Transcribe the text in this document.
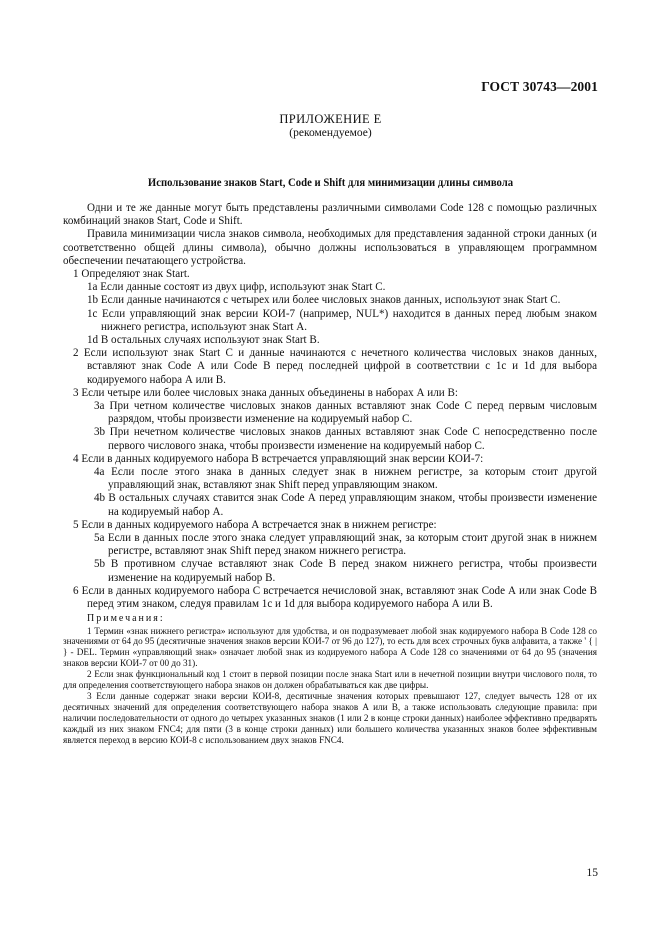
ГОСТ 30743—2001
ПРИЛОЖЕНИЕ Е
(рекомендуемое)
Использование знаков Start, Code и Shift для минимизации длины символа

Одни и те же данные могут быть представлены различными символами Code 128 с помощью различных комбинаций знаков Start, Code и Shift.

Правила минимизации числа знаков символа, необходимых для представления заданной строки данных (и соответственно общей длины символа), обычно должны использоваться в управляющем программном обеспечении печатающего устройства.

1 Определяют знак Start.

1а Если данные состоят из двух цифр, используют знак Start С.

1b Если данные начинаются с четырех или более числовых знаков данных, используют знак Start С.

1с Если управляющий знак версии КОИ-7 (например, NUL*) находится в данных перед любым знаком нижнего регистра, используют знак Start А.

1d В остальных случаях используют знак Start В.

2 Если используют знак Start С и данные начинаются с нечетного количества числовых знаков данных, вставляют знак Code А или Code В перед последней цифрой в соответствии с 1с и 1d для выбора кодируемого набора А или В.

3 Если четыре или более числовых знака данных объединены в наборах А или В:

3а При четном количестве числовых знаков данных вставляют знак Code С перед первым числовым разрядом, чтобы произвести изменение на кодируемый набор С.

3b При нечетном количестве числовых знаков данных вставляют знак Code С непосредственно после первого числового знака, чтобы произвести изменение на кодируемый набор С.

4 Если в данных кодируемого набора В встречается управляющий знак версии КОИ-7:

4а Если после этого знака в данных следует знак в нижнем регистре, за которым стоит другой управляющий знак, вставляют знак Shift перед управляющим знаком.

4b В остальных случаях ставится знак Code А перед управляющим знаком, чтобы произвести изменение на кодируемый набор А.

5 Если в данных кодируемого набора А встречается знак в нижнем регистре:

5а Если в данных после этого знака следует управляющий знак, за которым стоит другой знак в нижнем регистре, вставляют знак Shift перед знаком нижнего регистра.

5b В противном случае вставляют знак Code В перед знаком нижнего регистра, чтобы произвести изменение на кодируемый набор В.

6 Если в данных кодируемого набора С встречается нечисловой знак, вставляют знак Code А или знак Code В перед этим знаком, следуя правилам 1с и 1d для выбора кодируемого набора А или В.

Примечания:

1 Термин «знак нижнего регистра» используют для удобства, и он подразумевает любой знак кодируемого набора В Code 128 со значениями от 64 до 95 (десятичные значения знаков версии КОИ-7 от 96 до 127), то есть для всех строчных букв алфавита, а также ' { | } - DEL. Термин «управляющий знак» означает любой знак из кодируемого набора А Code 128 со значениями от 64 до 95 (значения знаков версии КОИ-7 от 00 до 31).

2 Если знак функциональный код 1 стоит в первой позиции после знака Start или в нечетной позиции внутри числового поля, то для определения соответствующего набора знаков он должен обрабатываться как две цифры.

3 Если данные содержат знаки версии КОИ-8, десятичные значения которых превышают 127, следует вычесть 128 от их десятичных значений для определения соответствующего набора знаков А или В, а также использовать следующие правила: при наличии последовательности от одного до четырех указанных знаков (1 или 2 в конце строки данных) наиболее эффективно предварять каждый из них знаком FNC4; для пяти (3 в конце строки данных) или большего количества указанных знаков более эффективным является переход в версию КОИ-8 с использованием двух знаков FNC4.

15
